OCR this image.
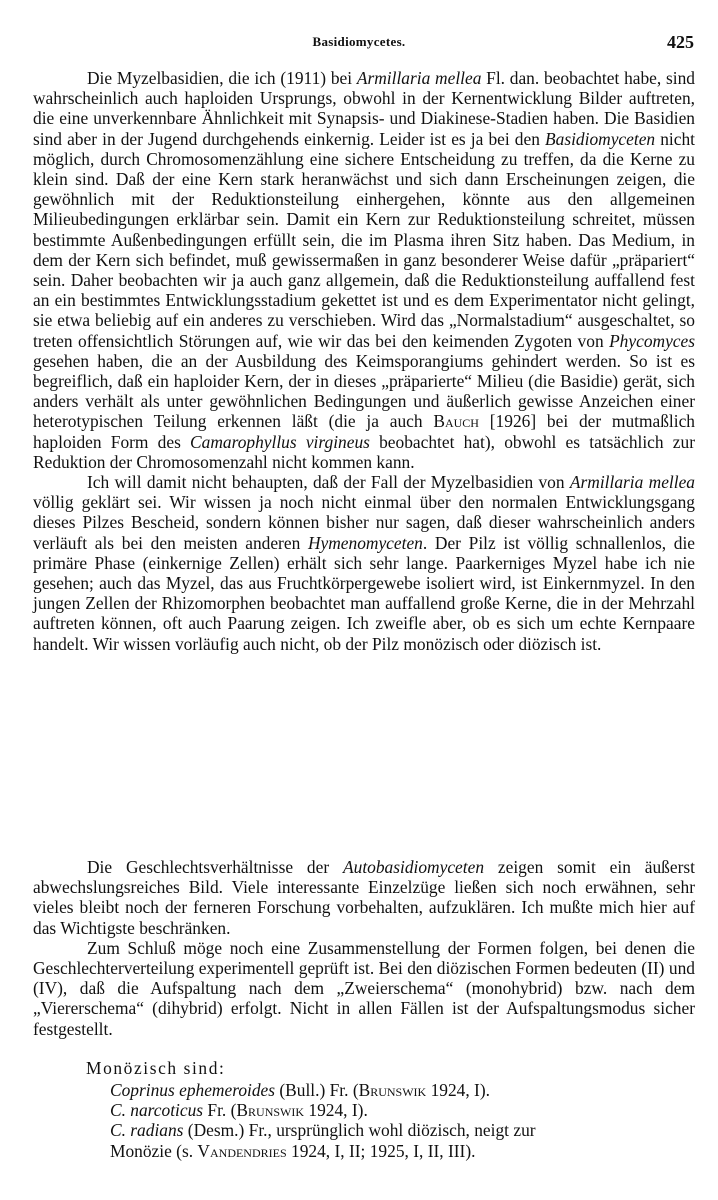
Basidiomycetes.	425

Die Myzelbasidien, die ich (1911) bei Armillaria mellea Fl. dan. beobachtet habe, sind wahrscheinlich auch haploiden Ursprungs, obwohl in der Kernentwicklung Bilder auftreten, die eine unverkennbare Ähnlichkeit mit Synapsis- und Diakinese-Stadien haben. Die Basidien sind aber in der Jugend durchgehends einkernig. Leider ist es ja bei den Basidiomyceten nicht möglich, durch Chromosomenzählung eine sichere Entscheidung zu treffen, da die Kerne zu klein sind. Daß der eine Kern stark heranwächst und sich dann Erscheinungen zeigen, die gewöhnlich mit der Reduktionsteilung einhergehen, könnte aus den allgemeinen Milieubedingungen erklärbar sein. Damit ein Kern zur Reduktionsteilung schreitet, müssen bestimmte Außenbedingungen erfüllt sein, die im Plasma ihren Sitz haben. Das Medium, in dem der Kern sich befindet, muß gewissermaßen in ganz besonderer Weise dafür „präpariert“ sein. Daher beobachten wir ja auch ganz allgemein, daß die Reduktionsteilung auffallend fest an ein bestimmtes Entwicklungsstadium gekettet ist und es dem Experimentator nicht gelingt, sie etwa beliebig auf ein anderes zu verschieben. Wird das „Normalstadium“ ausgeschaltet, so treten offensichtlich Störungen auf, wie wir das bei den keimenden Zygoten von Phycomyces gesehen haben, die an der Ausbildung des Keimsporangiums gehindert werden. So ist es begreiflich, daß ein haploider Kern, der in dieses „präparierte“ Milieu (die Basidie) gerät, sich anders verhält als unter gewöhnlichen Bedingungen und äußerlich gewisse Anzeichen einer heterotypischen Teilung erkennen läßt (die ja auch Bauch [1926] bei der mutmaßlich haploiden Form des Camarophyllus virgineus beobachtet hat), obwohl es tatsächlich zur Reduktion der Chromosomenzahl nicht kommen kann.

Ich will damit nicht behaupten, daß der Fall der Myzelbasidien von Armillaria mellea völlig geklärt sei. Wir wissen ja noch nicht einmal über den normalen Entwicklungsgang dieses Pilzes Bescheid, sondern können bisher nur sagen, daß dieser wahrscheinlich anders verläuft als bei den meisten anderen Hymenomyceten. Der Pilz ist völlig schnallenlos, die primäre Phase (einkernige Zellen) erhält sich sehr lange. Paarkerniges Myzel habe ich nie gesehen; auch das Myzel, das aus Fruchtkörpergewebe isoliert wird, ist Einkernmyzel. In den jungen Zellen der Rhizomorphen beobachtet man auffallend große Kerne, die in der Mehrzahl auftreten können, oft auch Paarung zeigen. Ich zweifle aber, ob es sich um echte Kernpaare handelt. Wir wissen vorläufig auch nicht, ob der Pilz monözisch oder diözisch ist.

Die Geschlechtsverhältnisse der Autobasidiomyceten zeigen somit ein äußerst abwechslungsreiches Bild. Viele interessante Einzelzüge ließen sich noch erwähnen, sehr vieles bleibt noch der ferneren Forschung vorbehalten, aufzuklären. Ich mußte mich hier auf das Wichtigste beschränken.

Zum Schluß möge noch eine Zusammenstellung der Formen folgen, bei denen die Geschlechterverteilung experimentell geprüft ist. Bei den diözischen Formen bedeuten (II) und (IV), daß die Aufspaltung nach dem „Zweierschema“ (monohybrid) bzw. nach dem „Viererschema“ (dihybrid) erfolgt. Nicht in allen Fällen ist der Aufspaltungsmodus sicher festgestellt.

Monözisch sind:
Coprinus ephemeroides (Bull.) Fr. (Brunswik 1924, I).
C. narcoticus Fr. (Brunswik 1924, I).
C. radians (Desm.) Fr., ursprünglich wohl diözisch, neigt zur
Monözie (s. Vandendries 1924, I, II; 1925, I, II, III).
